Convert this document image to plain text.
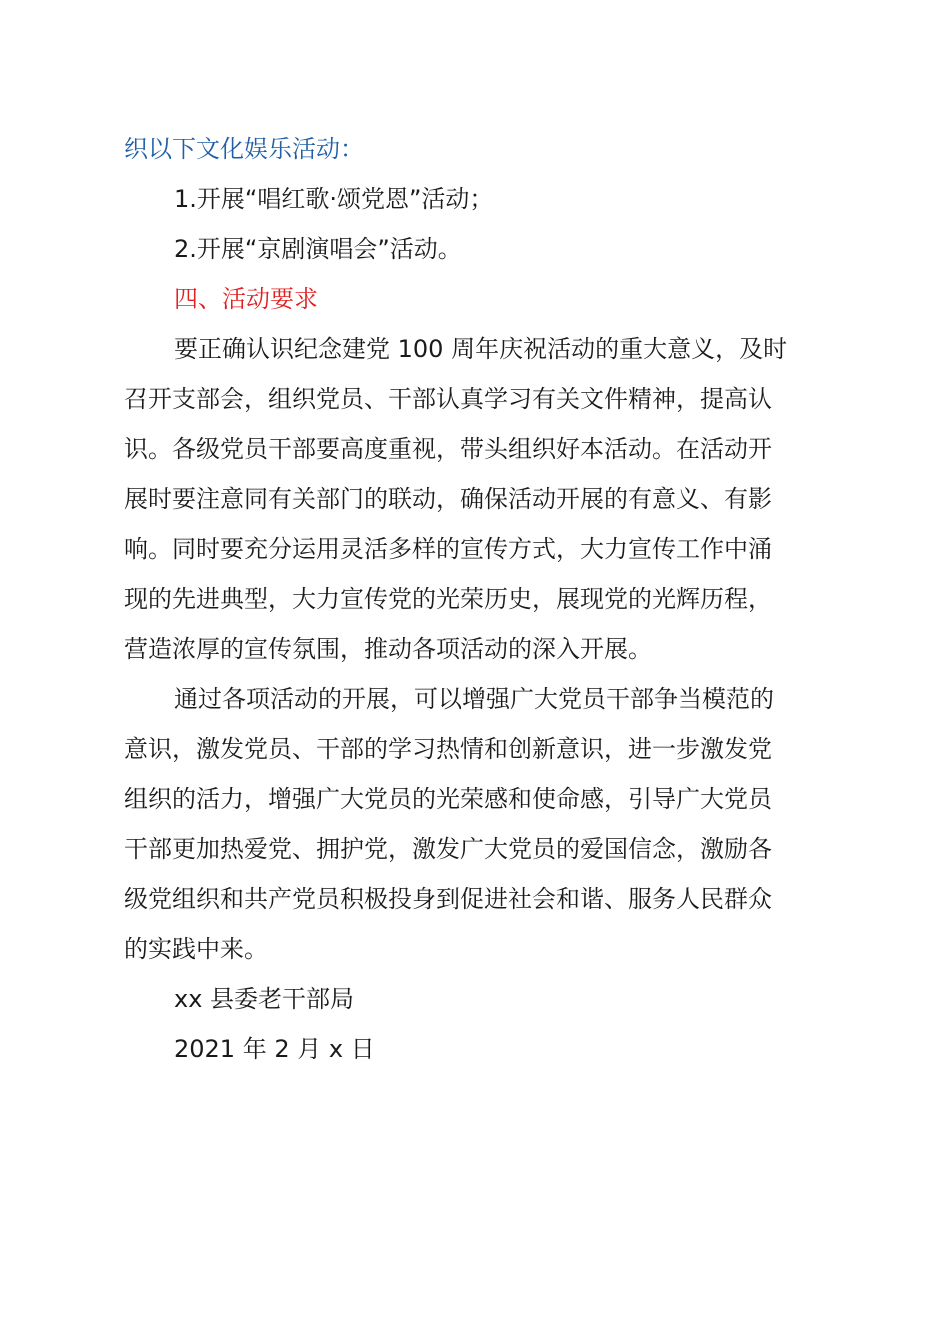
织以下文化娱乐活动：
1.开展“唱红歌·颂党恩”活动；
2.开展“京剧演唱会”活动。
四、活动要求
要正确认识纪念建党 100 周年庆祝活动的重大意义，及时
召开支部会，组织党员、干部认真学习有关文件精神，提高认
识。各级党员干部要高度重视，带头组织好本活动。在活动开
展时要注意同有关部门的联动，确保活动开展的有意义、有影
响。同时要充分运用灵活多样的宣传方式，大力宣传工作中涌
现的先进典型，大力宣传党的光荣历史，展现党的光辉历程，
营造浓厚的宣传氛围，推动各项活动的深入开展。
通过各项活动的开展，可以增强广大党员干部争当模范的
意识，激发党员、干部的学习热情和创新意识，进一步激发党
组织的活力，增强广大党员的光荣感和使命感，引导广大党员
干部更加热爱党、拥护党，激发广大党员的爱国信念，激励各
级党组织和共产党员积极投身到促进社会和谐、服务人民群众
的实践中来。
xx 县委老干部局
2021 年 2 月 x 日
